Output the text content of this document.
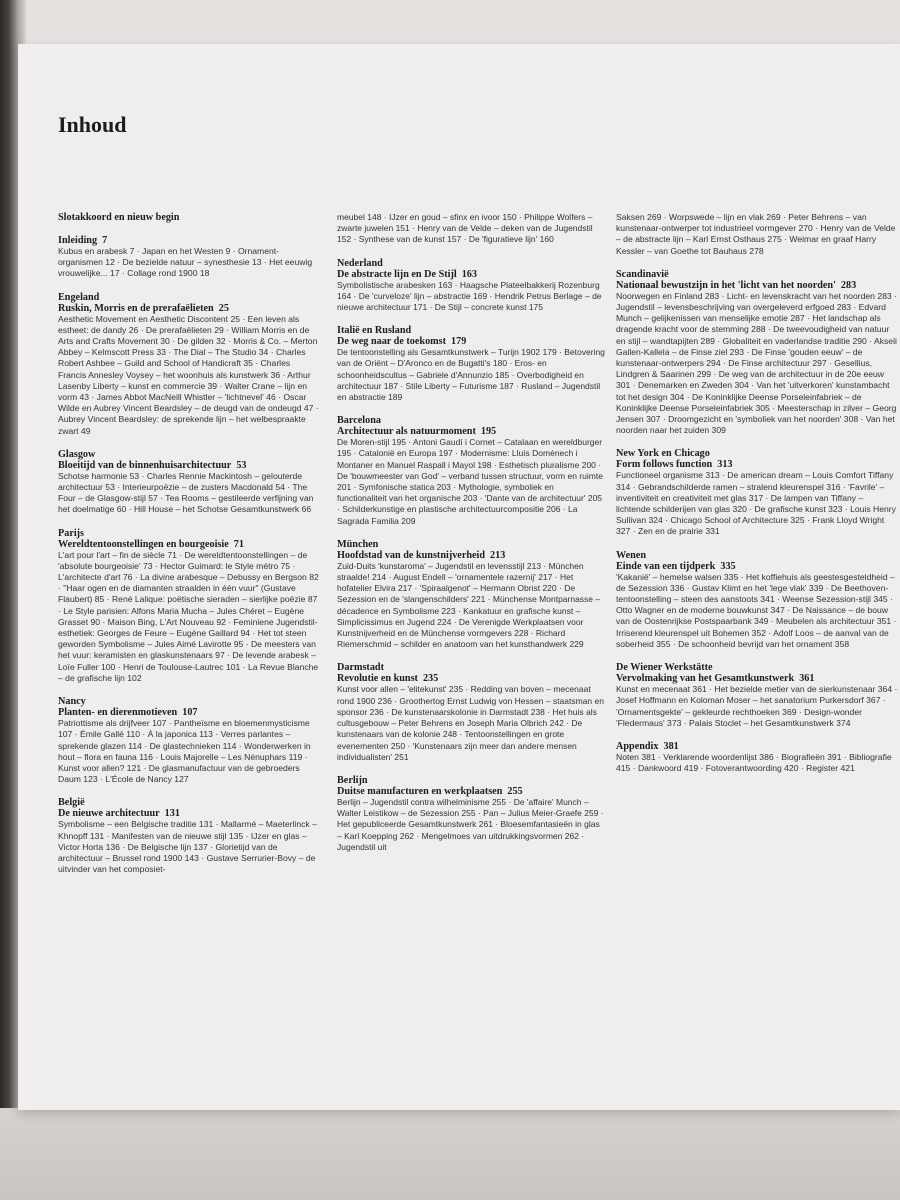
Inhoud
Slotakkoord en nieuw begin
Inleiding 7
Kubus en arabesk 7 · Japan en het Westen 9 · Ornament-organismen 12 · De bezielde natuur – synesthesie 13 · Het eeuwig vrouwelijke... 17 · Collage rond 1900 18
Engeland
Ruskin, Morris en de prerafaëlieten 25
Aesthetic Movement en Aesthetic Discontent 25 · Een leven als estheet: de dandy 26 · De prerafaëlieten 29 · William Morris en de Arts and Crafts Movement 30 · De gilden 32 · Morris & Co. – Merton Abbey – Kelmscott Press 33 · The Dial – The Studio 34 · Charles Robert Ashbee – Guild and School of Handicraft 35 · Charles Francis Annesley Voysey – het woonhuis als kunstwerk 36 · Arthur Lasenby Liberty – kunst en commercie 39 · Walter Crane – lijn en vorm 43 · James Abbot MacNeill Whistler – 'lichtnevel' 46 · Oscar Wilde en Aubrey Vincent Beardsley – de deugd van de ondeugd 47 · Aubrey Vincent Beardsley: de sprekende lijn – het welbespraakte zwart 49
Glasgow
Bloeitijd van de binnenhuisarchitectuur 53
Schotse harmonie 53 · Charles Rennie Mackintosh – geloutеrde architectuur 53 · Interieurpoëzie – de zusters Macdonald 54 · The Four – de Glasgow-stijl 57 · Tea Rooms – gestileerde verfijning van het doelmatige 60 · Hill House – het Schotse Gesamtkunstwerk 66
Parijs
Wereldtentoonstellingen en bourgeoisie 71
L'art pour l'art – fin de siècle 71 · De wereldtentoonstellingen – de 'absolute bourgeoisie' 73 · Hector Guimard: le Style métro 75 · L'architecte d'art 76 · La divine arabesque – Debussy en Bergson 82 · "Haar ogen en de diamanten straalden in één vuur" (Gustave Flaubert) 85 · René Lalique: poëtische sieraden – sierlijke poëzie 87 · Le Style parisien: Alfons Maria Mucha – Jules Chéret – Eugène Grasset 90 · Maison Bing, L'Art Nouveau 92 · Feminiene Jugendstil-esthetiek: Georges de Feure – Eugène Gaillard 94 · Het tot steen geworden Symbolisme – Jules Aimé Lavirotte 95 · De meesters van het vuur: keramisten en glaskunstenaars 97 · De levende arabesk – Loïe Fuller 100 · Henri de Toulouse-Lautrec 101 · La Revue Blanche – de grafische lijn 102
Nancy
Planten- en dierenmotieven 107
Patriottisme als drijfveer 107 · Pantheïsme en bloemenmysticisme 107 · Émile Gallé 110 · À la japonica 113 · Verres parlantes – sprekende glazen 114 · De glastechnieken 114 · Wonderwerken in hout – flora en fauna 116 · Louis Majorelle – Les Nénuphars 119 · Kunst voor allen? 121 · De glasmanufactuur van de gebroeders Daum 123 · L'École de Nancy 127
België
De nieuwe architectuur 131
Symbolisme – een Belgische traditie 131 · Mallarmé – Maeterlinck – Khnopff 131 · Manifesten van de nieuwe stijl 135 · IJzer en glas – Victor Horta 136 · De Belgische lijn 137 · Glorietijd van de architectuur – Brussel rond 1900 143 · Gustave Serrurier-Bovy – de uitvinder van het composiet-
meubel 148 · IJzer en goud – sfinx en ivoor 150 · Philippe Wolfers – zwarte juwelen 151 · Henry van de Velde – deken van de Jugendstil 152 · Synthese van de kunst 157 · De 'figuratieve lijn' 160
Nederland
De abstracte lijn en De Stijl 163
Symbolistische arabesken 163 · Haagsche Plateelbakkerij Rozenburg 164 · De 'curveloze' lijn – abstractie 169 · Hendrik Petrus Berlage – de nieuwe architectuur 171 · De Stijl – concrete kunst 175
Italië en Rusland
De weg naar de toekomst 179
De tentoonstelling als Gesamtkunstwerk – Turijn 1902 179 · Betovering van de Oriënt – D'Aronco en de Bugatti's 180 · Eros- en schoonheidscultus – Gabriele d'Annunzio 185 · Overbodigheid en architectuur 187 · Stile Liberty – Futurisme 187 · Rusland – Jugendstil en abstractie 189
Barcelona
Architectuur als natuurmoment 195
De Moren-stijl 195 · Antoni Gaudí i Cornet – Catalaan en wereldburger 195 · Catalonië en Europa 197 · Modernisme: Lluís Domènech i Montaner en Manuel Raspall i Mayol 198 · Esthetisch pluralisme 200 · De 'bouwmeester van God' – verband tussen structuur, vorm en ruimte 201 · Symfonische statica 203 · Mythologie, symboliek en functionaliteit van het organische 203 · 'Dante van de architectuur' 205 · Schilderkunstige en plastische architectuurcompositie 206 · La Sagrada Familia 209
München
Hoofdstad van de kunstnijverheid 213
Zuid-Duits 'kunstaroma' – Jugendstil en levensstijl 213 · München straalde! 214 · August Endell – 'ornamentele razernij' 217 · Het hofatelier Elvira 217 · 'Spiraalgenot' – Hermann Obrist 220 · De Sezession en de 'slangenschilders' 221 · Münchense Montparnasse – décadence en Symbolisme 223 · Kankatuur en grafische kunst – Simplicissimus en Jugend 224 · De Verenigde Werkplaatsen voor Kunstnijverheid en de Münchense vormgevers 228 · Richard Riemerschmid – schilder en anatoom van het kunsthandwerk 229
Darmstadt
Revolutie en kunst 235
Kunst voor allen – 'elitekunst' 235 · Redding van boven – mecenaat rond 1900 236 · Groothertog Ernst Ludwig von Hessen – staatsman en sponsor 236 · De kunstenaarskolonie in Darmstadt 238 · Het huis als cultusgebouw – Peter Behrens en Joseph Maria Olbrich 242 · De kunstenaars van de kolonie 248 · Tentoonstellingen en grote evenementen 250 · 'Kunstenaars zijn meer dan andere mensen individualisten' 251
Berlijn
Duitse manufacturen en werkplaatsen 255
Berlijn – Jugendstil contra wilhelminisme 255 · De 'affaire' Munch – Walter Leistikow – de Sezession 255 · Pan – Julius Meier-Graefe 259 · Het gepubliceerde Gesamtkunstwerk 261 · Bloesemfantasieën in glas – Karl Koepping 262 · Mengelmoes van uitdrukkingsvormen 262 · Jugendstil uit
Saksen 269 · Worpswede – lijn en vlak 269 · Peter Behrens – van kunstenaar-ontwerper tot industrieel vormgever 270 · Henry van de Velde – de abstracte lijn – Karl Ernst Osthaus 275 · Weimar en graaf Harry Kessler – van Goethe tot Bauhaus 278
Scandinavië
Nationaal bewustzijn in het 'licht van het noorden' 283
Noorwegen en Finland 283 · Licht- en levenskracht van het noorden 283 · Jugendstil – levensbeschrijving van overgeleverd erfgoed 283 · Edvard Munch – gelijkenissen van menselijke emotie 287 · Het landschap als dragende kracht voor de stemming 288 · De tweevoudigheid van natuur en stijl – wandtapijten 289 · Globaliteit en vaderlandse traditie 290 · Akseli Gallen-Kallela – de Finse ziel 293 · De Finse 'gouden eeuw' – de kunstenaar-ontwerpers 294 · De Finse architectuur 297 · Gesellius, Lindgren & Saarinen 299 · De weg van de architectuur in de 20e eeuw 301 · Denemarken en Zweden 304 · Van het 'uitverkoren' kunstambacht tot het design 304 · De Koninklijke Deense Porseleinfabriek – de Koninklijke Deense Porseleinfabriek 305 · Meesterschap in zilver – Georg Jensen 307 · Droomgezicht en 'symboliek van het noorden' 308 · Van het noorden naar het zuiden 309
New York en Chicago
Form follows function 313
Functioneel organisme 313 · De american dream – Louis Comfort Tiffany 314 · Gebrandschilderde ramen – stralend kleurenspel 316 · 'Favrile' – inventiviteit en creativiteit met glas 317 · De lampen van Tiffany – lichtende schilderijen van glas 320 · De grafische kunst 323 · Louis Henry Sullivan 324 · Chicago School of Architecture 325 · Frank Lloyd Wright 327 · Zen en de prairie 331
Wenen
Einde van een tijdperk 335
'Kakanië' – hemelse walsen 335 · Het koffiehuis als geestesgesteldheid – de Sezession 336 · Gustav Klimt en het 'lege vlak' 339 · De Beethoven-tentoonstelling – steen des aanstoots 341 · Weense Sezession-stijl 345 · Otto Wagner en de moderne bouwkunst 347 · De Naissance – de bouw van de Oostenrijkse Postspaarbank 349 · Meubelen als architectuur 351 · Irriserend kleurenspel uit Bohemen 352 · Adolf Loos – de aanval van de soberheid 355 · De schoonheid bevrijd van het ornament 358
De Wiener Werkstätte
Vervolmaking van het Gesamtkunstwerk 361
Kunst en mecenaat 361 · Het bezielde metier van de sierkunstenaar 364 · Josef Hoffmann en Koloman Moser – het sanatorium Purkersdorf 367 · 'Ornamentsgekte' – gekleurde rechthoeken 369 · Design-wonder 'Fledermaus' 373 · Palais Stoclet – het Gesamtkunstwerk 374
Appendix 381
Noten 381 · Verklarende woordenlijst 386 · Biografieën 391 · Bibliografie 415 · Dankwoord 419 · Fotoverantwoording 420 · Register 421
